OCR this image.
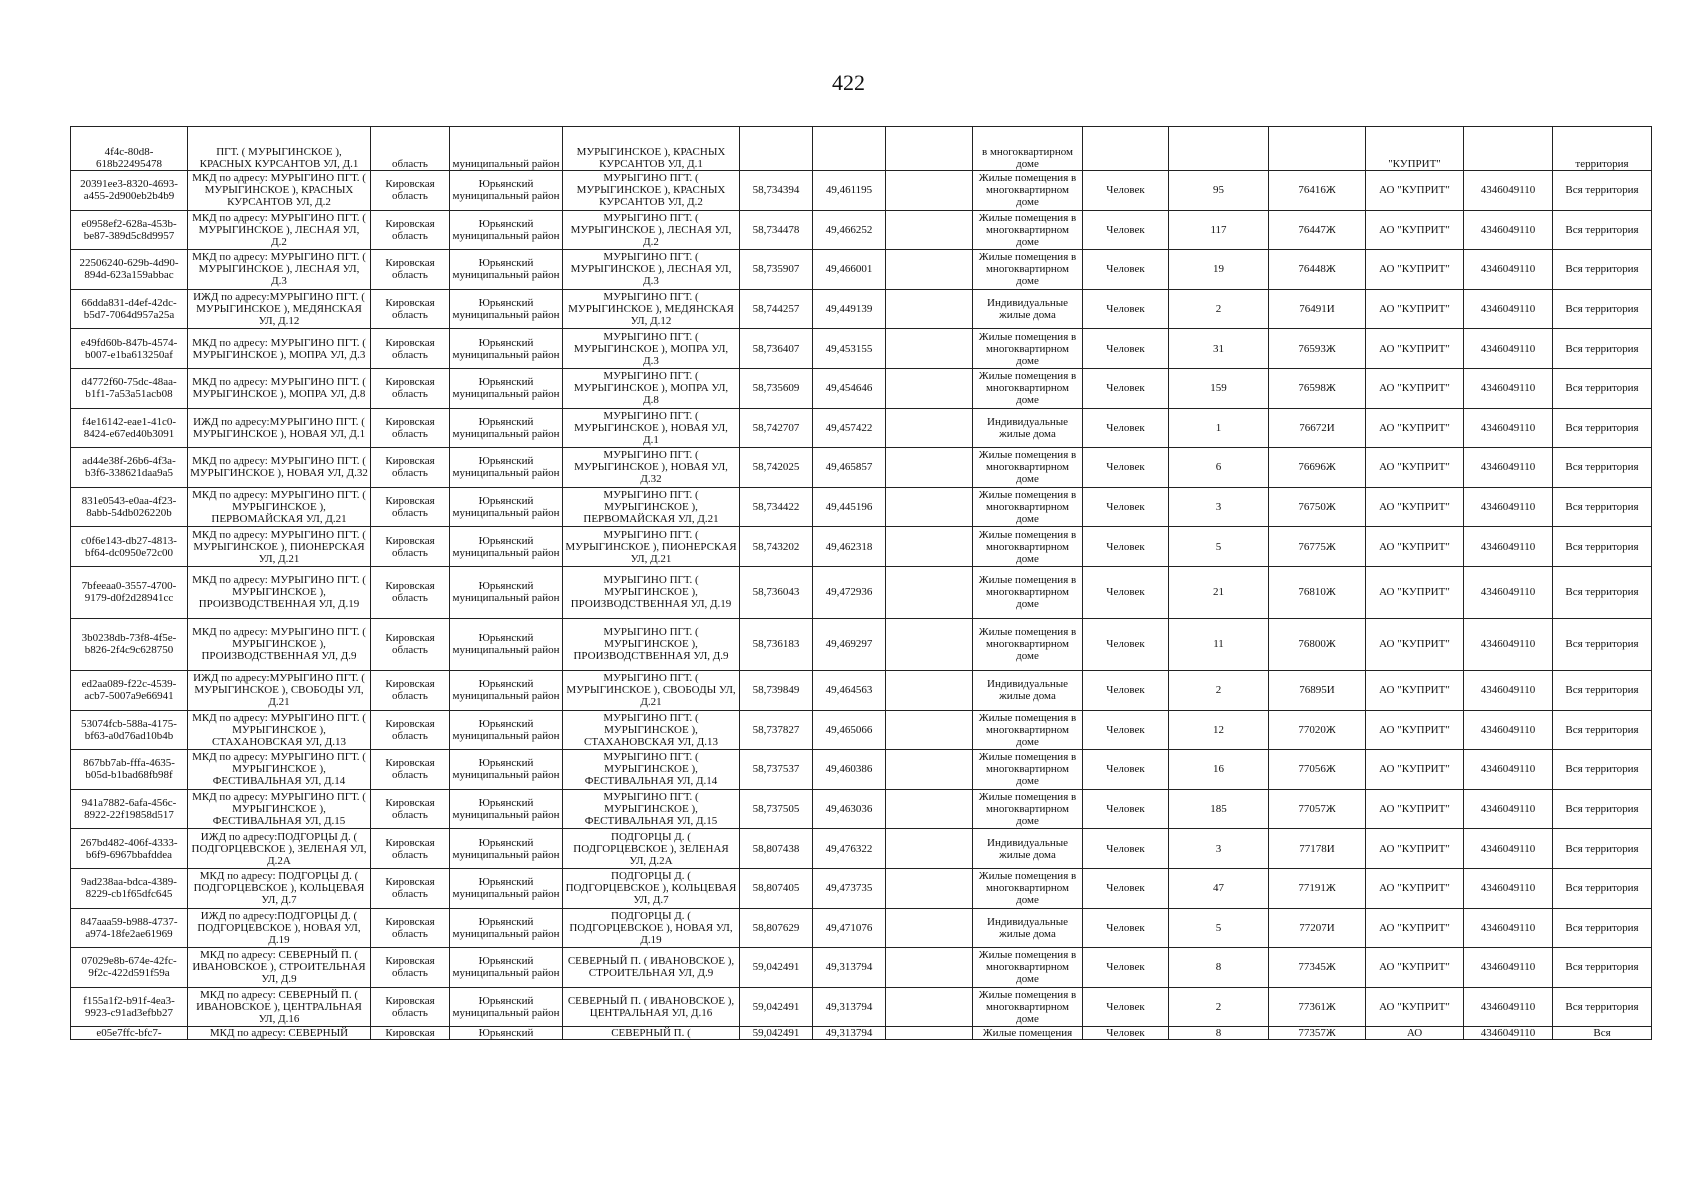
422
4f4c-80d8-618b22495478	ПГТ. ( МУРЫГИНСКОЕ ), КРАСНЫХ КУРСАНТОВ УЛ, Д.1	область	муниципальный район	МУРЫГИНСКОЕ ), КРАСНЫХ КУРСАНТОВ УЛ, Д.1				в многоквартирном доме				"КУПРИТ"		территория
20391ee3-8320-4693-a455-2d900eb2b4b9	МКД по адресу: МУРЫГИНО ПГТ. ( МУРЫГИНСКОЕ ), КРАСНЫХ КУРСАНТОВ УЛ, Д.2	Кировская область	Юрьянский муниципальный район	МУРЫГИНО ПГТ. ( МУРЫГИНСКОЕ ), КРАСНЫХ КУРСАНТОВ УЛ, Д.2	58,734394	49,461195		Жилые помещения в многоквартирном доме	Человек	95	76416Ж	АО "КУПРИТ"	4346049110	Вся территория
e0958ef2-628a-453b-be87-389d5c8d9957	МКД по адресу: МУРЫГИНО ПГТ. ( МУРЫГИНСКОЕ ), ЛЕСНАЯ УЛ, Д.2	Кировская область	Юрьянский муниципальный район	МУРЫГИНО ПГТ. ( МУРЫГИНСКОЕ ), ЛЕСНАЯ УЛ, Д.2	58,734478	49,466252		Жилые помещения в многоквартирном доме	Человек	117	76447Ж	АО "КУПРИТ"	4346049110	Вся территория
22506240-629b-4d90-894d-623a159abbac	МКД по адресу: МУРЫГИНО ПГТ. ( МУРЫГИНСКОЕ ), ЛЕСНАЯ УЛ, Д.3	Кировская область	Юрьянский муниципальный район	МУРЫГИНО ПГТ. ( МУРЫГИНСКОЕ ), ЛЕСНАЯ УЛ, Д.3	58,735907	49,466001		Жилые помещения в многоквартирном доме	Человек	19	76448Ж	АО "КУПРИТ"	4346049110	Вся территория
66dda831-d4ef-42dc-b5d7-7064d957a25a	ИЖД по адресу:МУРЫГИНО ПГТ. ( МУРЫГИНСКОЕ ), МЕДЯНСКАЯ УЛ, Д.12	Кировская область	Юрьянский муниципальный район	МУРЫГИНО ПГТ. ( МУРЫГИНСКОЕ ), МЕДЯНСКАЯ УЛ, Д.12	58,744257	49,449139		Индивидуальные жилые дома	Человек	2	76491И	АО "КУПРИТ"	4346049110	Вся территория
e49fd60b-847b-4574-b007-e1ba613250af	МКД по адресу: МУРЫГИНО ПГТ. ( МУРЫГИНСКОЕ ), МОПРА УЛ, Д.3	Кировская область	Юрьянский муниципальный район	МУРЫГИНО ПГТ. ( МУРЫГИНСКОЕ ), МОПРА УЛ, Д.3	58,736407	49,453155		Жилые помещения в многоквартирном доме	Человек	31	76593Ж	АО "КУПРИТ"	4346049110	Вся территория
d4772f60-75dc-48aa-b1f1-7a53a51acb08	МКД по адресу: МУРЫГИНО ПГТ. ( МУРЫГИНСКОЕ ), МОПРА УЛ, Д.8	Кировская область	Юрьянский муниципальный район	МУРЫГИНО ПГТ. ( МУРЫГИНСКОЕ ), МОПРА УЛ, Д.8	58,735609	49,454646		Жилые помещения в многоквартирном доме	Человек	159	76598Ж	АО "КУПРИТ"	4346049110	Вся территория
f4e16142-eae1-41c0-8424-e67ed40b3091	ИЖД по адресу:МУРЫГИНО ПГТ. ( МУРЫГИНСКОЕ ), НОВАЯ УЛ, Д.1	Кировская область	Юрьянский муниципальный район	МУРЫГИНО ПГТ. ( МУРЫГИНСКОЕ ), НОВАЯ УЛ, Д.1	58,742707	49,457422		Индивидуальные жилые дома	Человек	1	76672И	АО "КУПРИТ"	4346049110	Вся территория
ad44e38f-26b6-4f3a-b3f6-338621daa9a5	МКД по адресу: МУРЫГИНО ПГТ. ( МУРЫГИНСКОЕ ), НОВАЯ УЛ, Д.32	Кировская область	Юрьянский муниципальный район	МУРЫГИНО ПГТ. ( МУРЫГИНСКОЕ ), НОВАЯ УЛ, Д.32	58,742025	49,465857		Жилые помещения в многоквартирном доме	Человек	6	76696Ж	АО "КУПРИТ"	4346049110	Вся территория
831e0543-e0aa-4f23-8abb-54db026220b	МКД по адресу: МУРЫГИНО ПГТ. ( МУРЫГИНСКОЕ ), ПЕРВОМАЙСКАЯ УЛ, Д.21	Кировская область	Юрьянский муниципальный район	МУРЫГИНО ПГТ. ( МУРЫГИНСКОЕ ), ПЕРВОМАЙСКАЯ УЛ, Д.21	58,734422	49,445196		Жилые помещения в многоквартирном доме	Человек	3	76750Ж	АО "КУПРИТ"	4346049110	Вся территория
c0f6e143-db27-4813-bf64-dc0950e72c00	МКД по адресу: МУРЫГИНО ПГТ. ( МУРЫГИНСКОЕ ), ПИОНЕРСКАЯ УЛ, Д.21	Кировская область	Юрьянский муниципальный район	МУРЫГИНО ПГТ. ( МУРЫГИНСКОЕ ), ПИОНЕРСКАЯ УЛ, Д.21	58,743202	49,462318		Жилые помещения в многоквартирном доме	Человек	5	76775Ж	АО "КУПРИТ"	4346049110	Вся территория
7bfeeaa0-3557-4700-9179-d0f2d28941cc	МКД по адресу: МУРЫГИНО ПГТ. ( МУРЫГИНСКОЕ ), ПРОИЗВОДСТВЕННАЯ УЛ, Д.19	Кировская область	Юрьянский муниципальный район	МУРЫГИНО ПГТ. ( МУРЫГИНСКОЕ ), ПРОИЗВОДСТВЕННАЯ УЛ, Д.19	58,736043	49,472936		Жилые помещения в многоквартирном доме	Человек	21	76810Ж	АО "КУПРИТ"	4346049110	Вся территория
3b0238db-73f8-4f5e-b826-2f4c9c628750	МКД по адресу: МУРЫГИНО ПГТ. ( МУРЫГИНСКОЕ ), ПРОИЗВОДСТВЕННАЯ УЛ, Д.9	Кировская область	Юрьянский муниципальный район	МУРЫГИНО ПГТ. ( МУРЫГИНСКОЕ ), ПРОИЗВОДСТВЕННАЯ УЛ, Д.9	58,736183	49,469297		Жилые помещения в многоквартирном доме	Человек	11	76800Ж	АО "КУПРИТ"	4346049110	Вся территория
ed2aa089-f22c-4539-acb7-5007a9e66941	ИЖД по адресу:МУРЫГИНО ПГТ. ( МУРЫГИНСКОЕ ), СВОБОДЫ УЛ, Д.21	Кировская область	Юрьянский муниципальный район	МУРЫГИНО ПГТ. ( МУРЫГИНСКОЕ ), СВОБОДЫ УЛ, Д.21	58,739849	49,464563		Индивидуальные жилые дома	Человек	2	76895И	АО "КУПРИТ"	4346049110	Вся территория
53074fcb-588a-4175-bf63-a0d76ad10b4b	МКД по адресу: МУРЫГИНО ПГТ. ( МУРЫГИНСКОЕ ), СТАХАНОВСКАЯ УЛ, Д.13	Кировская область	Юрьянский муниципальный район	МУРЫГИНО ПГТ. ( МУРЫГИНСКОЕ ), СТАХАНОВСКАЯ УЛ, Д.13	58,737827	49,465066		Жилые помещения в многоквартирном доме	Человек	12	77020Ж	АО "КУПРИТ"	4346049110	Вся территория
867bb7ab-fffa-4635-b05d-b1bad68fb98f	МКД по адресу: МУРЫГИНО ПГТ. ( МУРЫГИНСКОЕ ), ФЕСТИВАЛЬНАЯ УЛ, Д.14	Кировская область	Юрьянский муниципальный район	МУРЫГИНО ПГТ. ( МУРЫГИНСКОЕ ), ФЕСТИВАЛЬНАЯ УЛ, Д.14	58,737537	49,460386		Жилые помещения в многоквартирном доме	Человек	16	77056Ж	АО "КУПРИТ"	4346049110	Вся территория
941a7882-6afa-456c-8922-22f19858d517	МКД по адресу: МУРЫГИНО ПГТ. ( МУРЫГИНСКОЕ ), ФЕСТИВАЛЬНАЯ УЛ, Д.15	Кировская область	Юрьянский муниципальный район	МУРЫГИНО ПГТ. ( МУРЫГИНСКОЕ ), ФЕСТИВАЛЬНАЯ УЛ, Д.15	58,737505	49,463036		Жилые помещения в многоквартирном доме	Человек	185	77057Ж	АО "КУПРИТ"	4346049110	Вся территория
267bd482-406f-4333-b6f9-6967bbafddea	ИЖД по адресу:ПОДГОРЦЫ Д. ( ПОДГОРЦЕВСКОЕ ), ЗЕЛЕНАЯ УЛ, Д.2А	Кировская область	Юрьянский муниципальный район	ПОДГОРЦЫ Д. ( ПОДГОРЦЕВСКОЕ ), ЗЕЛЕНАЯ УЛ, Д.2А	58,807438	49,476322		Индивидуальные жилые дома	Человек	3	77178И	АО "КУПРИТ"	4346049110	Вся территория
9ad238aa-bdca-4389-8229-cb1f65dfc645	МКД по адресу: ПОДГОРЦЫ Д. ( ПОДГОРЦЕВСКОЕ ), КОЛЬЦЕВАЯ УЛ, Д.7	Кировская область	Юрьянский муниципальный район	ПОДГОРЦЫ Д. ( ПОДГОРЦЕВСКОЕ ), КОЛЬЦЕВАЯ УЛ, Д.7	58,807405	49,473735		Жилые помещения в многоквартирном доме	Человек	47	77191Ж	АО "КУПРИТ"	4346049110	Вся территория
847aaa59-b988-4737-a974-18fe2ae61969	ИЖД по адресу:ПОДГОРЦЫ Д. ( ПОДГОРЦЕВСКОЕ ), НОВАЯ УЛ, Д.19	Кировская область	Юрьянский муниципальный район	ПОДГОРЦЫ Д. ( ПОДГОРЦЕВСКОЕ ), НОВАЯ УЛ, Д.19	58,807629	49,471076		Индивидуальные жилые дома	Человек	5	77207И	АО "КУПРИТ"	4346049110	Вся территория
07029e8b-674e-42fc-9f2c-422d591f59a	МКД по адресу: СЕВЕРНЫЙ П. ( ИВАНОВСКОЕ ), СТРОИТЕЛЬНАЯ УЛ, Д.9	Кировская область	Юрьянский муниципальный район	СЕВЕРНЫЙ П. ( ИВАНОВСКОЕ ), СТРОИТЕЛЬНАЯ УЛ, Д.9	59,042491	49,313794		Жилые помещения в многоквартирном доме	Человек	8	77345Ж	АО "КУПРИТ"	4346049110	Вся территория
f155a1f2-b91f-4ea3-9923-c91ad3efbb27	МКД по адресу: СЕВЕРНЫЙ П. ( ИВАНОВСКОЕ ), ЦЕНТРАЛЬНАЯ УЛ, Д.16	Кировская область	Юрьянский муниципальный район	СЕВЕРНЫЙ П. ( ИВАНОВСКОЕ ), ЦЕНТРАЛЬНАЯ УЛ, Д.16	59,042491	49,313794		Жилые помещения в многоквартирном доме	Человек	2	77361Ж	АО "КУПРИТ"	4346049110	Вся территория
e05e7ffc-bfc7-	МКД по адресу: СЕВЕРНЫЙ	Кировская	Юрьянский	СЕВЕРНЫЙ П. (	59,042491	49,313794		Жилые помещения	Человек	8	77357Ж	АО	4346049110	Вся
